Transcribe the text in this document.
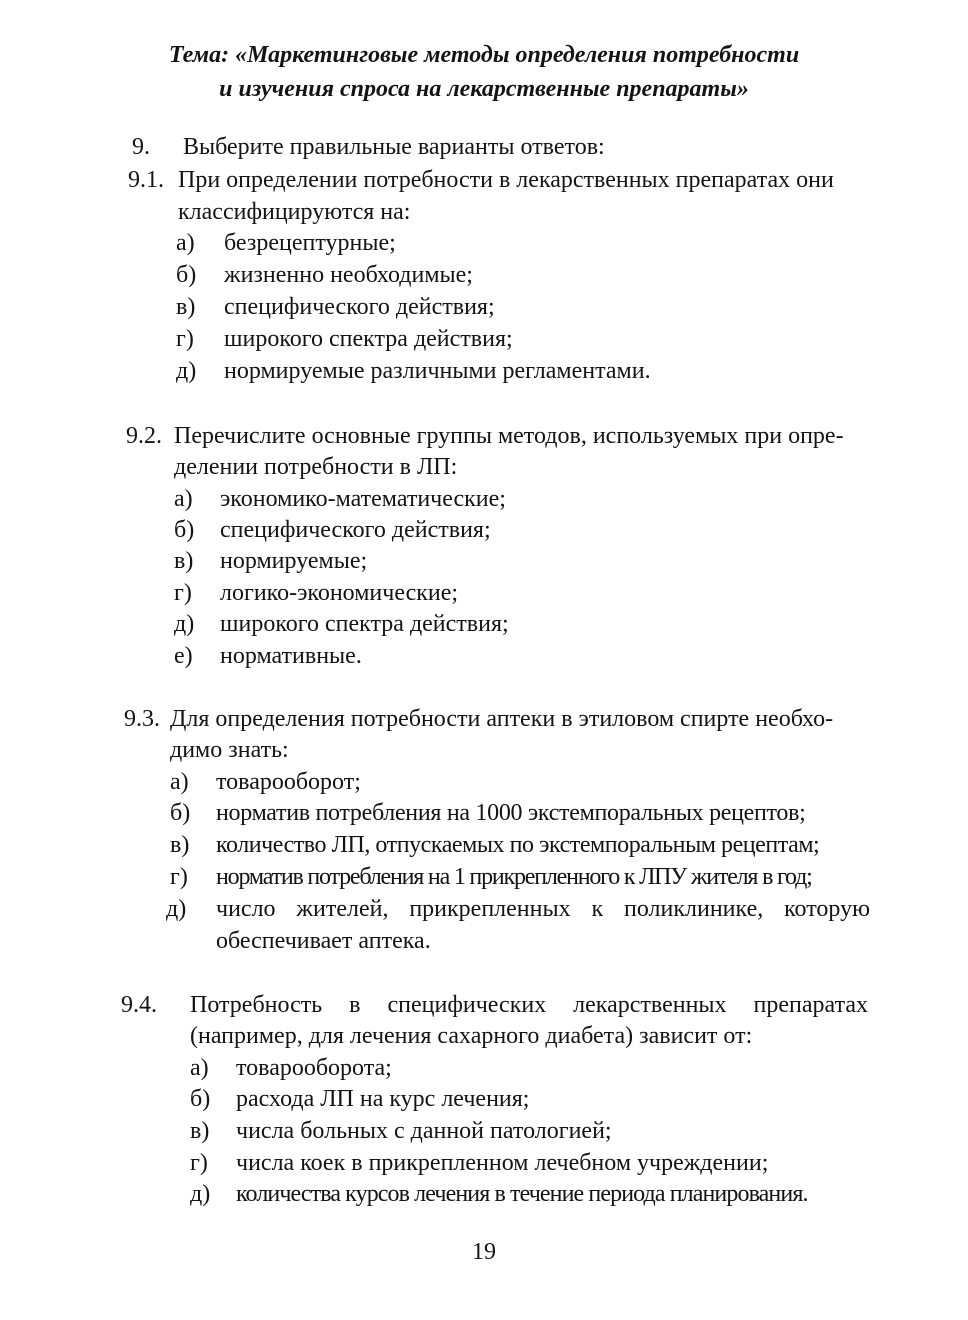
Тема: «Маркетинговые методы определения потребности
и изучения спроса на лекарственные препараты»
9. Выберите правильные варианты ответов:
9.1. При определении потребности в лекарственных препаратах они
классифицируются на:
а) безрецептурные;
б) жизненно необходимые;
в) специфического действия;
г) широкого спектра действия;
д) нормируемые различными регламентами.
9.2. Перечислите основные группы методов, используемых при опре-
делении потребности в ЛП:
а) экономико-математические;
б) специфического действия;
в) нормируемые;
г) логико-экономические;
д) широкого спектра действия;
е) нормативные.
9.3. Для определения потребности аптеки в этиловом спирте необхо-
димо знать:
а) товарооборот;
б) норматив потребления на 1000 экстемпоральных рецептов;
в) количество ЛП, отпускаемых по экстемпоральным рецептам;
г) норматив потребления на 1 прикрепленного к ЛПУ жителя в год;
д) число жителей, прикрепленных к поликлинике, которую
обеспечивает аптека.
9.4. Потребность в специфических лекарственных препаратах
(например, для лечения сахарного диабета) зависит от:
а) товарооборота;
б) расхода ЛП на курс лечения;
в) числа больных с данной патологией;
г) числа коек в прикрепленном лечебном учреждении;
д) количества курсов лечения в течение периода планирования.
19
